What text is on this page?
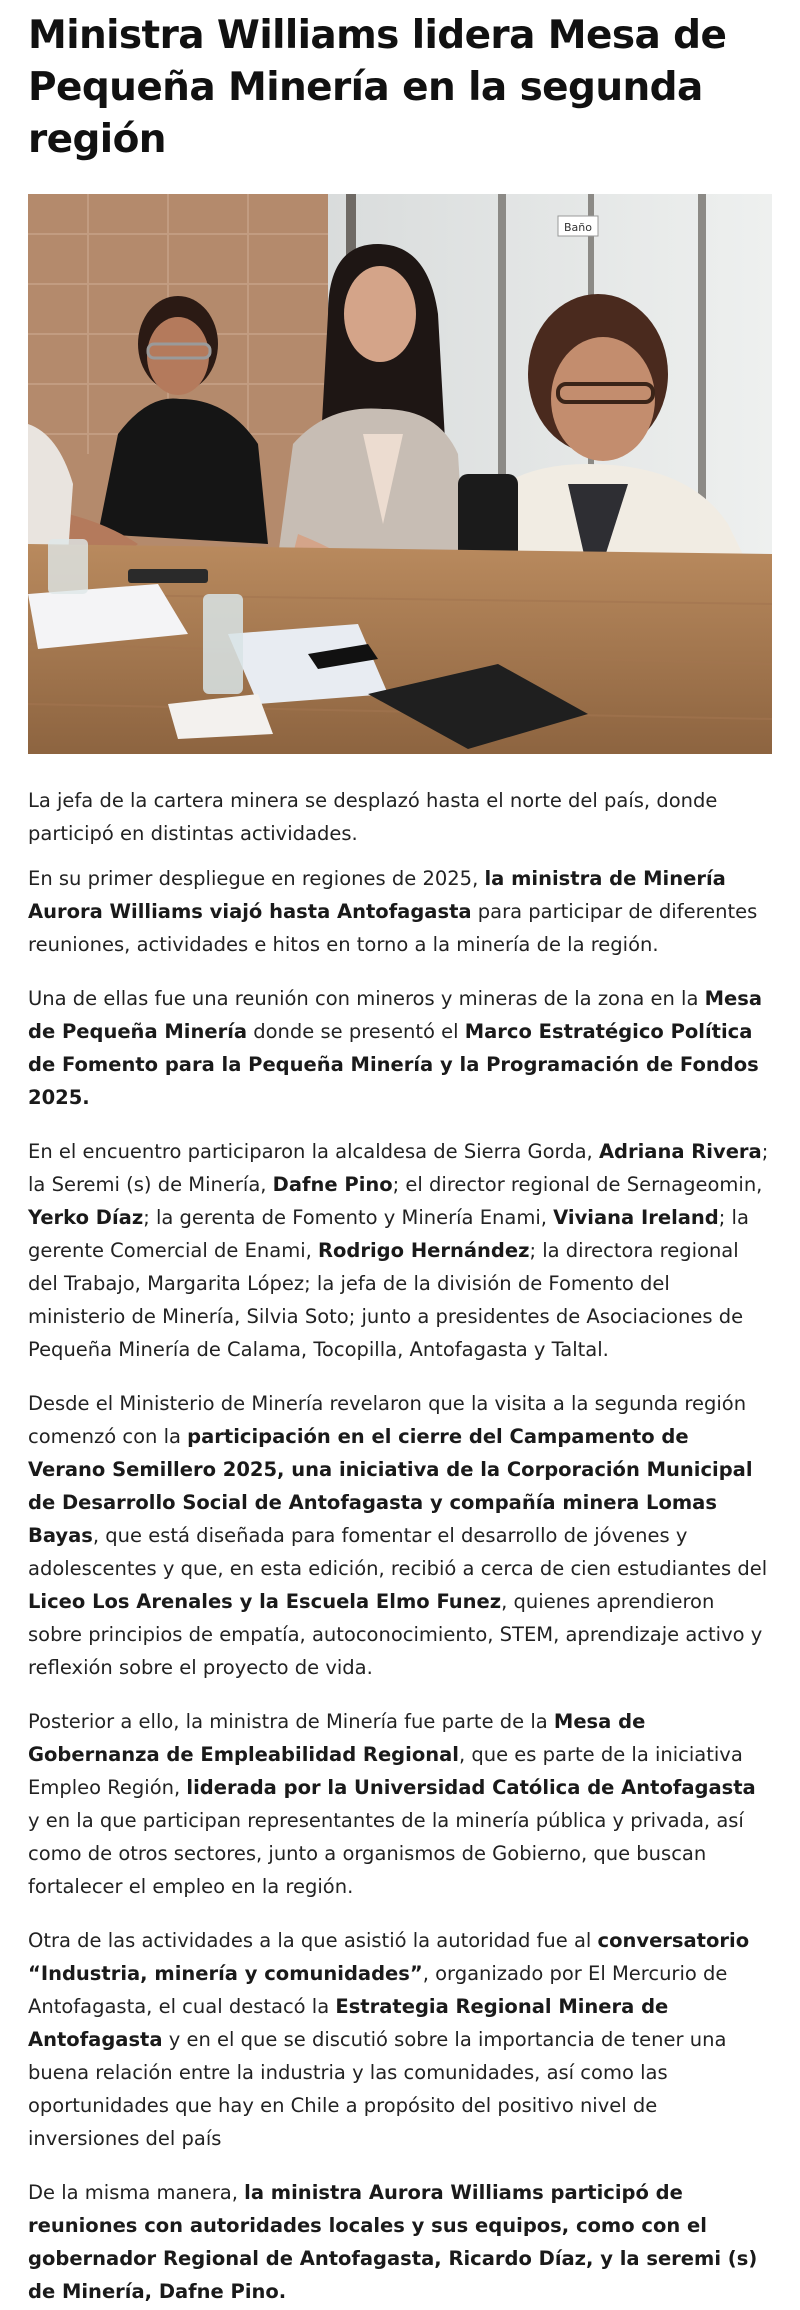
Ministra Williams lidera Mesa de Pequeña Minería en la segunda región
Baño

La jefa de la cartera minera se desplazó hasta el norte del país, donde participó en distintas actividades.

En su primer despliegue en regiones de 2025, la ministra de Minería Aurora Williams viajó hasta Antofagasta para participar de diferentes reuniones, actividades e hitos en torno a la minería de la región.

Una de ellas fue una reunión con mineros y mineras de la zona en la Mesa de Pequeña Minería donde se presentó el Marco Estratégico Política de Fomento para la Pequeña Minería y la Programación de Fondos 2025.

En el encuentro participaron la alcaldesa de Sierra Gorda, Adriana Rivera; la Seremi (s) de Minería, Dafne Pino; el director regional de Sernageomin, Yerko Díaz; la gerenta de Fomento y Minería Enami, Viviana Ireland; la gerente Comercial de Enami, Rodrigo Hernández; la directora regional del Trabajo, Margarita López; la jefa de la división de Fomento del ministerio de Minería, Silvia Soto; junto a presidentes de Asociaciones de Pequeña Minería de Calama, Tocopilla, Antofagasta y Taltal.

Desde el Ministerio de Minería revelaron que la visita a la segunda región comenzó con la participación en el cierre del Campamento de Verano Semillero 2025, una iniciativa de la Corporación Municipal de Desarrollo Social de Antofagasta y compañía minera Lomas Bayas, que está diseñada para fomentar el desarrollo de jóvenes y adolescentes y que, en esta edición, recibió a cerca de cien estudiantes del Liceo Los Arenales y la Escuela Elmo Funez, quienes aprendieron sobre principios de empatía, autoconocimiento, STEM, aprendizaje activo y reflexión sobre el proyecto de vida.

Posterior a ello, la ministra de Minería fue parte de la Mesa de Gobernanza de Empleabilidad Regional, que es parte de la iniciativa Empleo Región, liderada por la Universidad Católica de Antofagasta y en la que participan representantes de la minería pública y privada, así como de otros sectores, junto a organismos de Gobierno, que buscan fortalecer el empleo en la región.

Otra de las actividades a la que asistió la autoridad fue al conversatorio “Industria, minería y comunidades”, organizado por El Mercurio de Antofagasta, el cual destacó la Estrategia Regional Minera de Antofagasta y en el que se discutió sobre la importancia de tener una buena relación entre la industria y las comunidades, así como las oportunidades que hay en Chile a propósito del positivo nivel de inversiones del país

De la misma manera, la ministra Aurora Williams participó de reuniones con autoridades locales y sus equipos, como con el gobernador Regional de Antofagasta, Ricardo Díaz, y la seremi (s) de Minería, Dafne Pino.
